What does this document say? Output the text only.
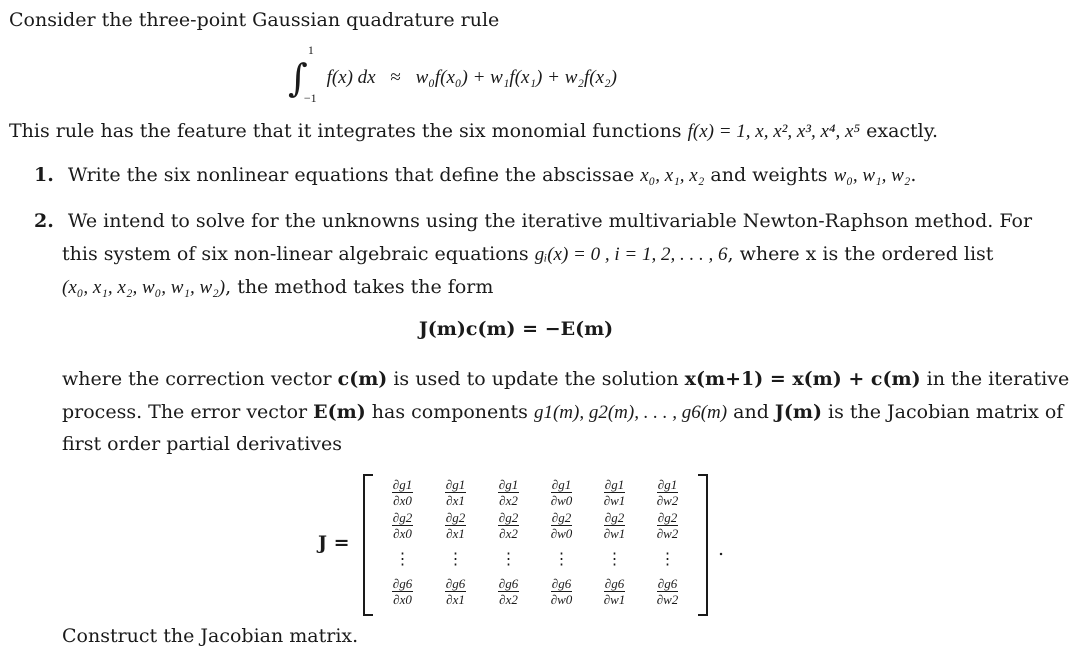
Consider the three-point Gaussian quadrature rule
∫
1
−1
f(x) dx ≈ w₀f(x₀) + w₁f(x₁) + w₂f(x₂)
This rule has the feature that it integrates the six monomial functions f(x) = 1, x, x², x³, x⁴, x⁵ exactly.
1. Write the six nonlinear equations that define the abscissae x₀, x₁, x₂ and weights w₀, w₁, w₂.
2. We intend to solve for the unknowns using the iterative multivariable Newton-Raphson method. For
this system of six non-linear algebraic equations gᵢ(x) = 0 , i = 1, 2, . . . , 6, where x is the ordered list
(x₀, x₁, x₂, w₀, w₁, w₂), the method takes the form
J(m)c(m) = −E(m)
where the correction vector c(m) is used to update the solution x(m+1) = x(m) + c(m) in the iterative
process. The error vector E(m) has components g1(m), g2(m), . . . , g6(m) and J(m) is the Jacobian matrix of
first order partial derivatives
J =
$\frac{\partial g1}{\partial x0} \frac{\partial g1}{\partial x1} \frac{\partial g1}{\partial x2} \frac{\partial g1}{\partial w0} \frac{\partial g1}{\partial w1} \frac{\partial g1}{\partial w2}$
$\frac{\partial g2}{\partial x0} \frac{\partial g2}{\partial x1} \frac{\partial g2}{\partial x2} \frac{\partial g2}{\partial w0} \frac{\partial g2}{\partial w1} \frac{\partial g2}{\partial w2}$
⋮ ⋮ ⋮ ⋮ ⋮ ⋮
$\frac{\partial g6}{\partial x0} \frac{\partial g6}{\partial x1} \frac{\partial g6}{\partial x2} \frac{\partial g6}{\partial w0} \frac{\partial g6}{\partial w1} \frac{\partial g6}{\partial w2}$
.
Construct the Jacobian matrix.
